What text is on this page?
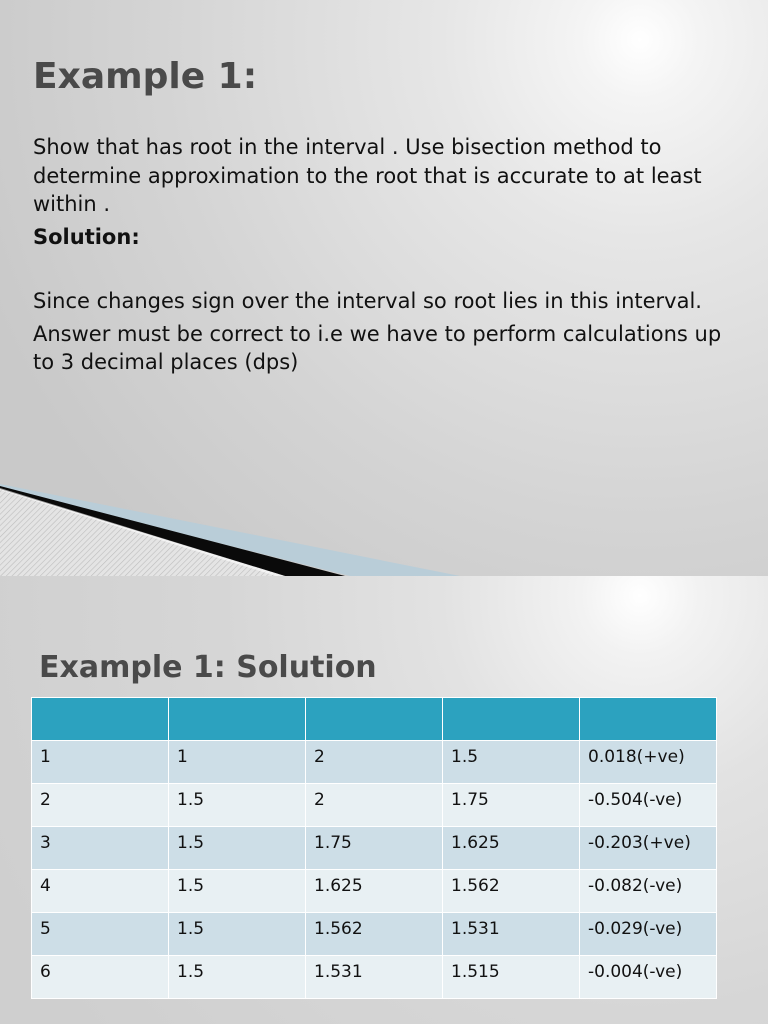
Example 1:

Show that has root in the interval . Use bisection method to determine approximation to the root that is accurate to at least within .

Solution:

Since changes sign over the interval so root lies in this interval.

Answer must be correct to i.e we have to perform calculations up to 3 decimal places (dps)

Example 1: Solution

1	1	2	1.5	0.018(+ve)
2	1.5	2	1.75	-0.504(-ve)
3	1.5	1.75	1.625	-0.203(+ve)
4	1.5	1.625	1.562	-0.082(-ve)
5	1.5	1.562	1.531	-0.029(-ve)
6	1.5	1.531	1.515	-0.004(-ve)
